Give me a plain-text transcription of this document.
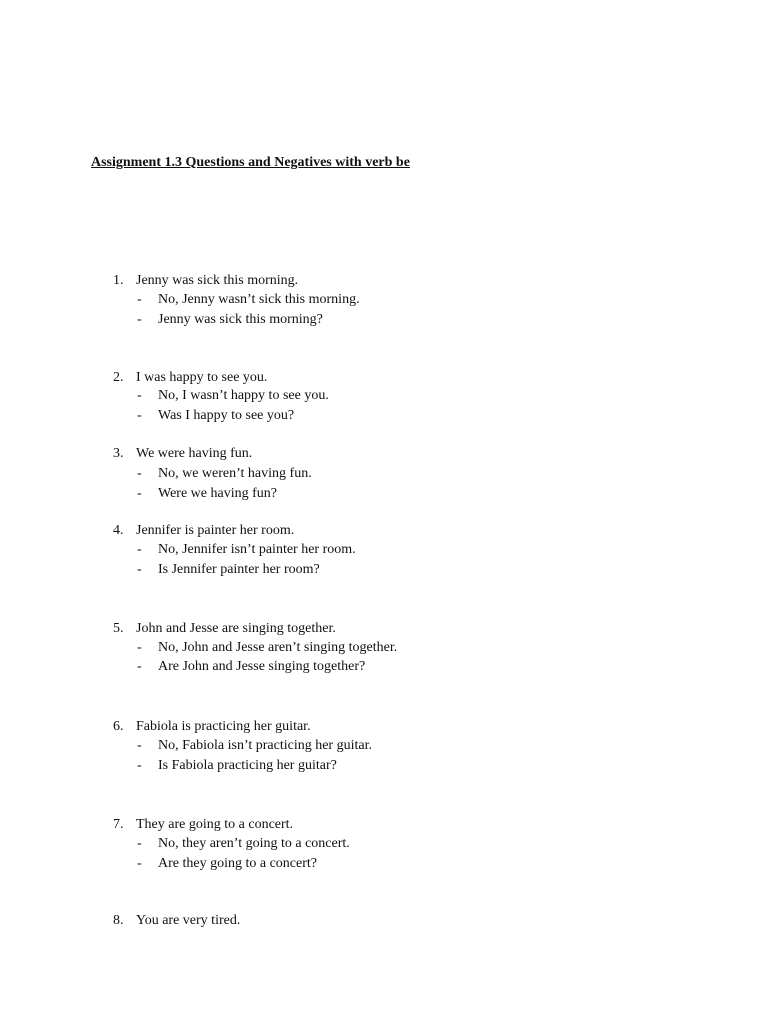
Assignment 1.3 Questions and Negatives with verb be
1. Jenny was sick this morning.
-	No, Jenny wasn’t sick this morning.
-	Jenny was sick this morning?
2. I was happy to see you.
-	No, I wasn’t happy to see you.
-	Was I happy to see you?
3. We were having fun.
-	No, we weren’t having fun.
-	Were we having fun?
4. Jennifer is painter her room.
-	No, Jennifer isn’t painter her room.
-	Is Jennifer painter her room?
5. John and Jesse are singing together.
-	No, John and Jesse aren’t singing together.
-	Are John and Jesse singing together?
6. Fabiola is practicing her guitar.
-	No, Fabiola isn’t practicing her guitar.
-	Is Fabiola practicing her guitar?
7. They are going to a concert.
-	No, they aren’t going to a concert.
-	Are they going to a concert?
8. You are very tired.
